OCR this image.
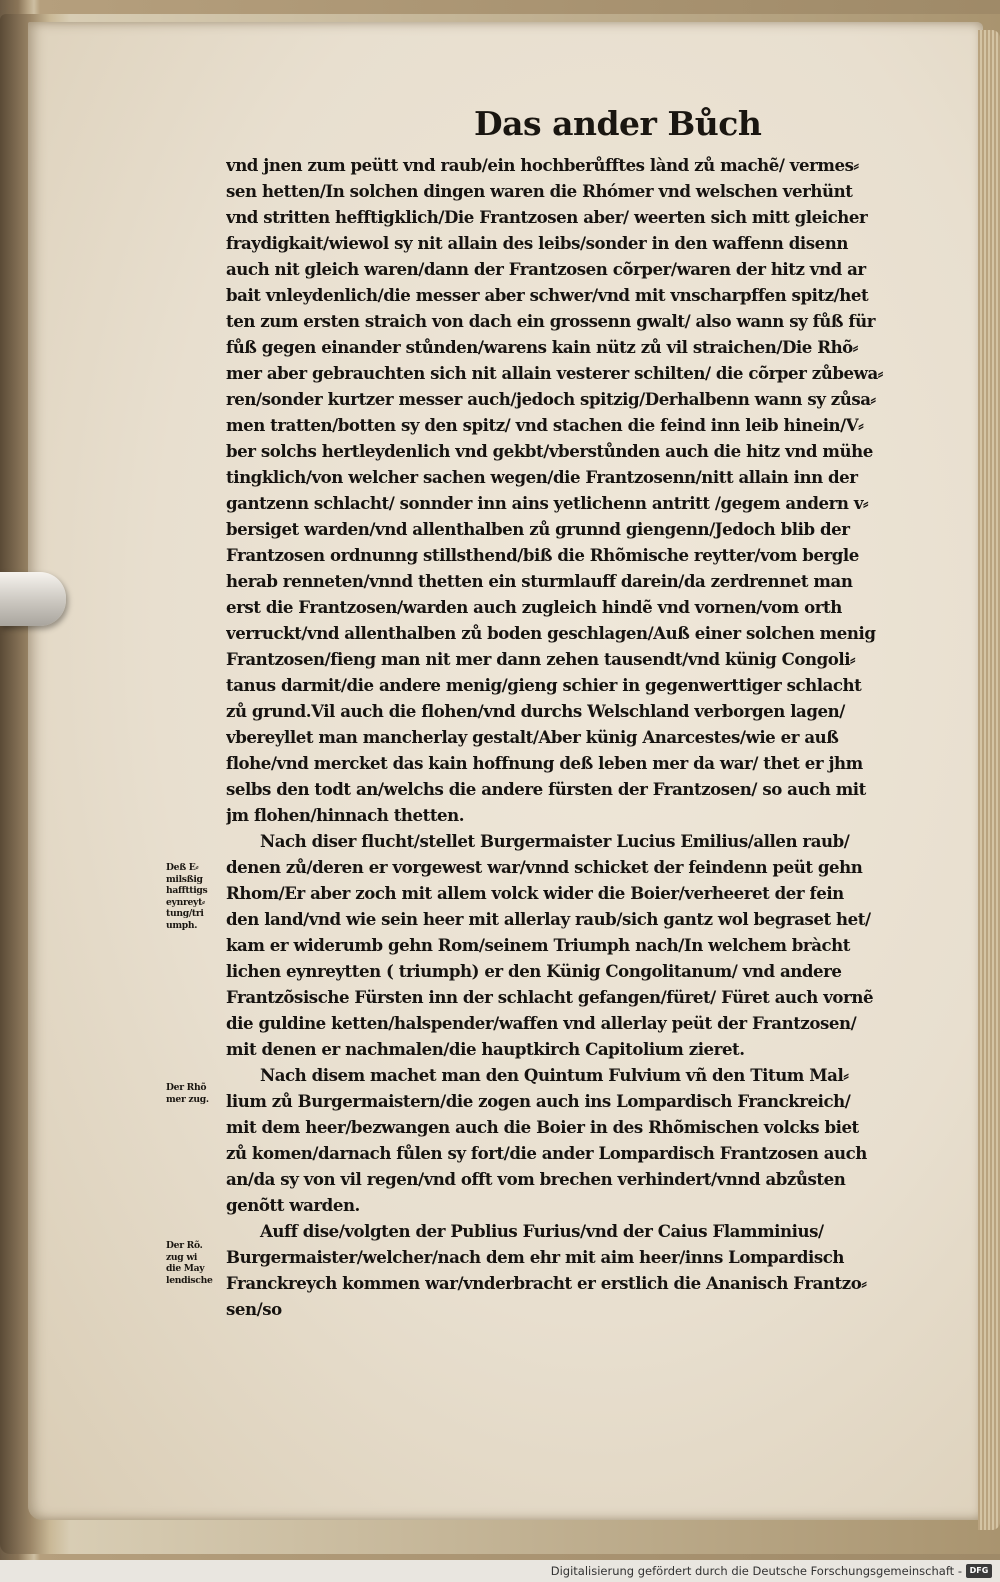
Das ander Bůch
vnd jnen zum peütt vnd raub/ein hochberůfftes lànd zů machẽ/ vermes⸗
sen hetten/In solchen dingen waren die Rhómer vnd welschen verhünt
vnd stritten hefftigklich/Die Frantzosen aber/ weerten sich mitt gleicher
fraydigkait/wiewol sy nit allain des leibs/sonder in den waffenn disenn
auch nit gleich waren/dann der Frantzosen cõrper/waren der hitz vnd ar
bait vnleydenlich/die messer aber schwer/vnd mit vnscharpffen spitz/het
ten zum ersten straich von dach ein grossenn gwalt/ also wann sy fůß für
fůß gegen einander stůnden/warens kain nütz zů vil straichen/Die Rhõ⸗
mer aber gebrauchten sich nit allain vesterer schilten/ die cõrper zůbewa⸗
ren/sonder kurtzer messer auch/jedoch spitzig/Derhalbenn wann sy zůsa⸗
men tratten/botten sy den spitz/ vnd stachen die feind inn leib hinein/V⸗
ber solchs hertleydenlich vnd gekbt/vberstůnden auch die hitz vnd mühe
tingklich/von welcher sachen wegen/die Frantzosenn/nitt allain inn der
gantzenn schlacht/ sonnder inn ains yetlichenn antritt /gegem andern v⸗
bersiget warden/vnd allenthalben zů grunnd giengenn/Jedoch blib der
Frantzosen ordnunng stillsthend/biß die Rhõmische reytter/vom bergle
herab renneten/vnnd thetten ein sturmlauff darein/da zerdrennet man
erst die Frantzosen/warden auch zugleich hindẽ vnd vornen/vom orth
verruckt/vnd allenthalben zů boden geschlagen/Auß einer solchen menig
Frantzosen/fieng man nit mer dann zehen tausendt/vnd künig Congoli⸗
tanus darmit/die andere menig/gieng schier in gegenwerttiger schlacht
zů grund.Vil auch die flohen/vnd durchs Welschland verborgen lagen/
vbereyllet man mancherlay gestalt/Aber künig Anarcestes/wie er auß
flohe/vnd mercket das kain hoffnung deß leben mer da war/ thet er jhm
selbs den todt an/welchs die andere fürsten der Frantzosen/ so auch mit
jm flohen/hinnach thetten.
Nach diser flucht/stellet Burgermaister Lucius Emilius/allen raub/
denen zů/deren er vorgewest war/vnnd schicket der feindenn peüt gehn
Rhom/Er aber zoch mit allem volck wider die Boier/verheeret der fein
den land/vnd wie sein heer mit allerlay raub/sich gantz wol begraset het/
kam er widerumb gehn Rom/seinem Triumph nach/In welchem bràcht
lichen eynreytten ( triumph) er den Künig Congolitanum/ vnd andere
Frantzõsische Fürsten inn der schlacht gefangen/füret/ Füret auch vornẽ
die guldine ketten/halspender/waffen vnd allerlay peüt der Frantzosen/
mit denen er nachmalen/die hauptkirch Capitolium zieret.
Nach disem machet man den Quintum Fulvium vñ den Titum Mal⸗
lium zů Burgermaistern/die zogen auch ins Lompardisch Franckreich/
mit dem heer/bezwangen auch die Boier in des Rhõmischen volcks biet
zů komen/darnach fůlen sy fort/die ander Lompardisch Frantzosen auch
an/da sy von vil regen/vnd offt vom brechen verhindert/vnnd abzůsten
genõtt warden.
Auff dise/volgten der Publius Furius/vnd der Caius Flamminius/
Burgermaister/welcher/nach dem ehr mit aim heer/inns Lompardisch
Franckreych kommen war/vnderbracht er erstlich die Ananisch Frantzo⸗
sen/so
Deß E⸗
milsßig
haffttigs
eynreyt⸗
tung/tri
umph.
Der Rhõ
mer zug.
Der Rõ.
zug wi
die May
lendische
Digitalisierung gefördert durch die Deutsche Forschungsgemeinschaft - DFG
